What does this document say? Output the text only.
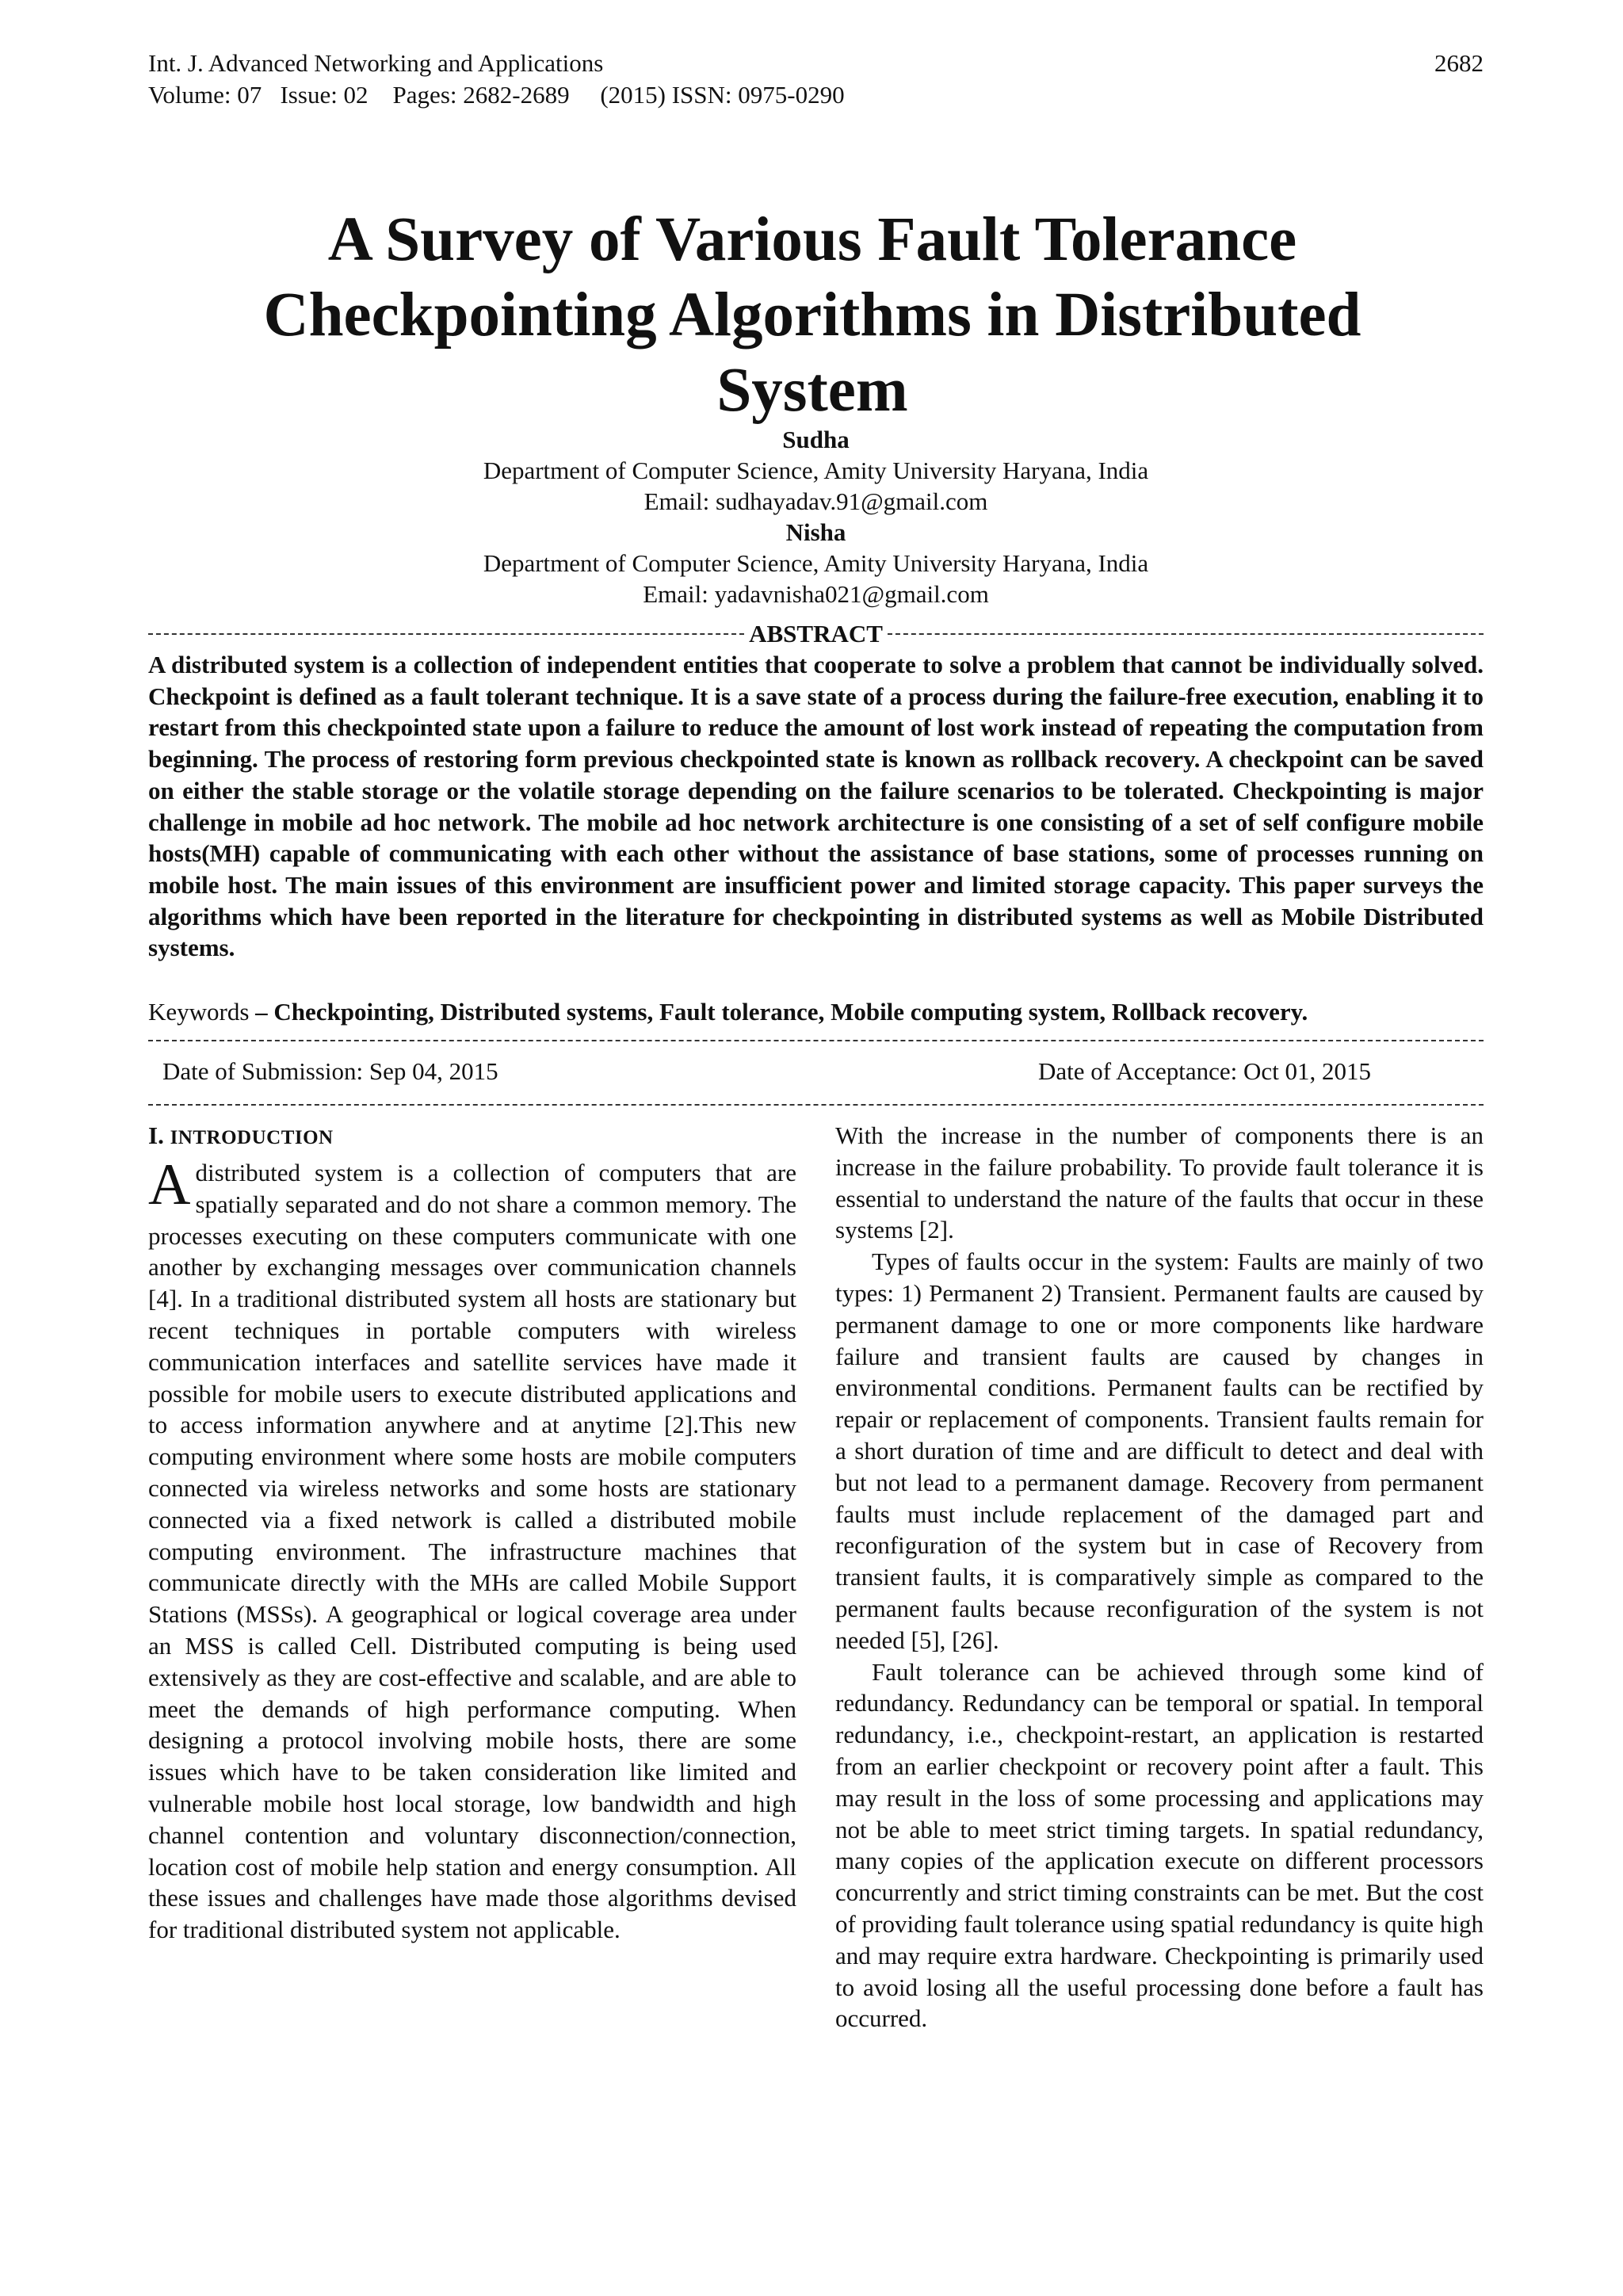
Int. J. Advanced Networking and Applications
Volume: 07   Issue: 02    Pages: 2682-2689     (2015) ISSN: 0975-0290
2682
A Survey of Various Fault Tolerance Checkpointing Algorithms in Distributed System
Sudha
Department of Computer Science, Amity University Haryana, India
Email: sudhayadav.91@gmail.com
Nisha
Department of Computer Science, Amity University Haryana, India
Email: yadavnisha021@gmail.com
ABSTRACT

A distributed system is a collection of independent entities that cooperate to solve a problem that cannot be individually solved. Checkpoint is defined as a fault tolerant technique. It is a save state of a process during the failure-free execution, enabling it to restart from this checkpointed state upon a failure to reduce the amount of lost work instead of repeating the computation from beginning. The process of restoring form previous checkpointed state is known as rollback recovery. A checkpoint can be saved on either the stable storage or the volatile storage depending on the failure scenarios to be tolerated. Checkpointing is major challenge in mobile ad hoc network. The mobile ad hoc network architecture is one consisting of a set of self configure mobile hosts(MH) capable of communicating with each other without the assistance of base stations, some of processes running on mobile host. The main issues of this environment are insufficient power and limited storage capacity. This paper surveys the algorithms which have been reported in the literature for checkpointing in distributed systems as well as Mobile Distributed systems.

Keywords – Checkpointing, Distributed systems, Fault tolerance, Mobile computing system, Rollback recovery.
Date of Submission: Sep 04, 2015	Date of Acceptance: Oct 01, 2015
I. INTRODUCTION

A distributed system is a collection of computers that are spatially separated and do not share a common memory. The processes executing on these computers communicate with one another by exchanging messages over communication channels [4]. In a traditional distributed system all hosts are stationary but recent techniques in portable computers with wireless communication interfaces and satellite services have made it possible for mobile users to execute distributed applications and to access information anywhere and at anytime [2].This new computing environment where some hosts are mobile computers connected via wireless networks and some hosts are stationary connected via a fixed network is called a distributed mobile computing environment. The infrastructure machines that communicate directly with the MHs are called Mobile Support Stations (MSSs). A geographical or logical coverage area under an MSS is called Cell. Distributed computing is being used extensively as they are cost-effective and scalable, and are able to meet the demands of high performance computing. When designing a protocol involving mobile hosts, there are some issues which have to be taken consideration like limited and vulnerable mobile host local storage, low bandwidth and high channel contention and voluntary disconnection/connection, location cost of mobile help station and energy consumption. All these issues and challenges have made those algorithms devised for traditional distributed system not applicable.

With the increase in the number of components there is an increase in the failure probability. To provide fault tolerance it is essential to understand the nature of the faults that occur in these systems [2].

Types of faults occur in the system: Faults are mainly of two types: 1) Permanent 2) Transient. Permanent faults are caused by permanent damage to one or more components like hardware failure and transient faults are caused by changes in environmental conditions. Permanent faults can be rectified by repair or replacement of components. Transient faults remain for a short duration of time and are difficult to detect and deal with but not lead to a permanent damage. Recovery from permanent faults must include replacement of the damaged part and reconfiguration of the system but in case of Recovery from transient faults, it is comparatively simple as compared to the permanent faults because reconfiguration of the system is not needed [5], [26].

Fault tolerance can be achieved through some kind of redundancy. Redundancy can be temporal or spatial. In temporal redundancy, i.e., checkpoint-restart, an application is restarted from an earlier checkpoint or recovery point after a fault. This may result in the loss of some processing and applications may not be able to meet strict timing targets. In spatial redundancy, many copies of the application execute on different processors concurrently and strict timing constraints can be met. But the cost of providing fault tolerance using spatial redundancy is quite high and may require extra hardware. Checkpointing is primarily used to avoid losing all the useful processing done before a fault has occurred.
